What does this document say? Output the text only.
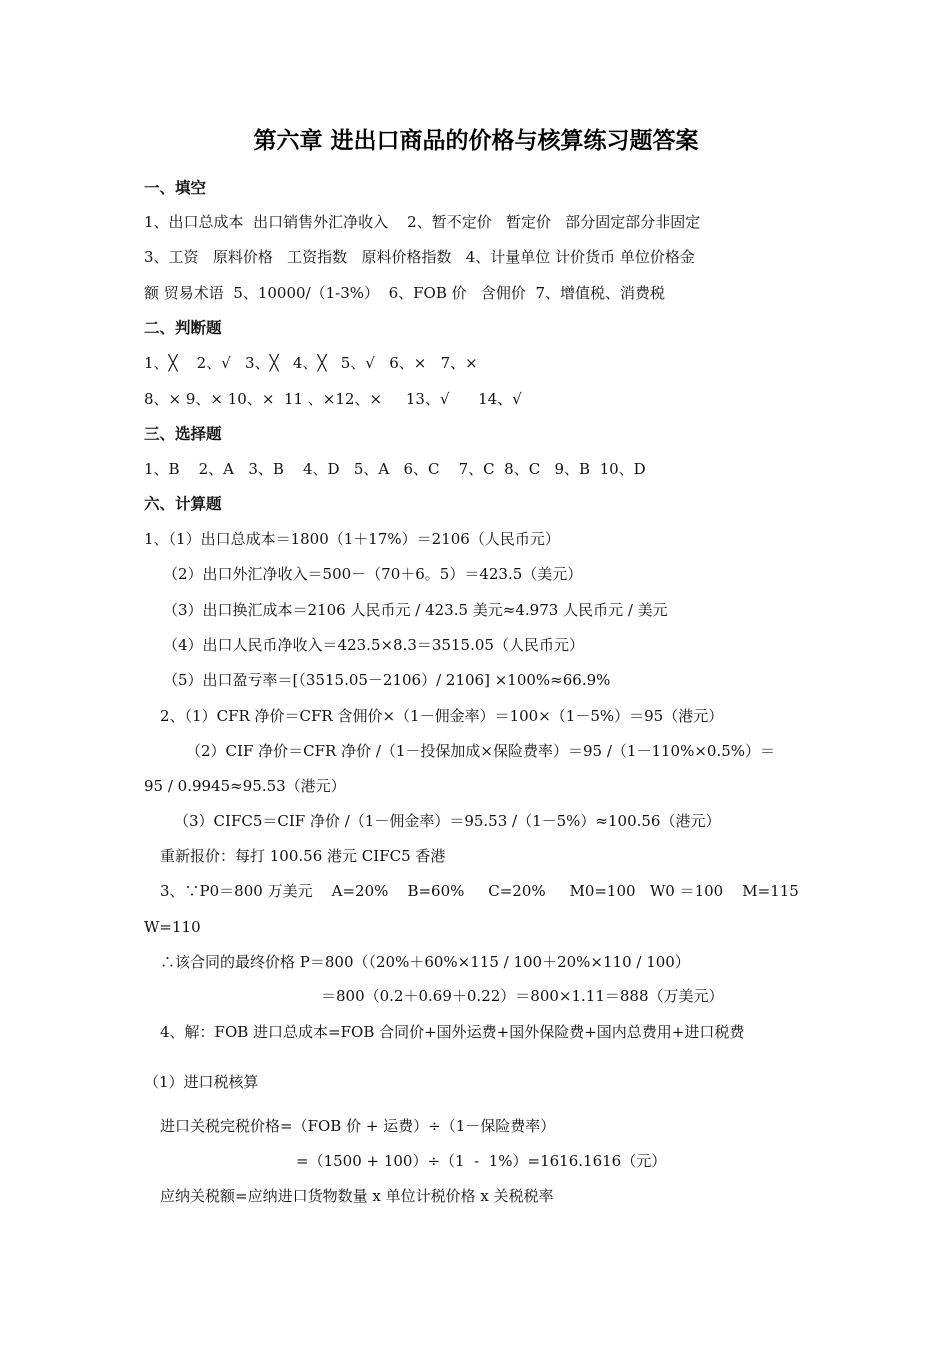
第六章 进出口商品的价格与核算练习题答案
一、填空
1、出口总成本  出口销售外汇净收入    2、暂不定价   暂定价   部分固定部分非固定
3、工资   原料价格   工资指数   原料价格指数   4、计量单位 计价货币 单位价格金
额 贸易术语  5、10000/（1-3%）  6、FOB 价   含佣价  7、增值税、消费税
二、判断题
1、╳    2、√   3、╳   4、╳   5、√   6、×   7、×
8、× 9、× 10、×  11 、×12、×     13、√      14、√
三、选择题
1、B    2、A   3、B    4、D   5、A   6、C    7、C  8、C   9、B  10、D
六、计算题
1、（1）出口总成本＝1800（1＋17%）＝2106（人民币元）
（2）出口外汇净收入＝500－（70＋6。5）＝423.5（美元）
（3）出口换汇成本＝2106 人民币元 / 423.5 美元≈4.973 人民币元 / 美元
（4）出口人民币净收入＝423.5×8.3＝3515.05（人民币元）
（5）出口盈亏率＝[（3515.05－2106）/ 2106] ×100%≈66.9%
2、（1）CFR 净价＝CFR 含佣价×（1－佣金率）＝100×（1－5%）＝95（港元）
（2）CIF 净价＝CFR 净价 /（1－投保加成×保险费率）＝95 /（1－110%×0.5%）＝
95 / 0.9945≈95.53（港元）
（3）CIFC5＝CIF 净价 /（1－佣金率）＝95.53 /（1－5%）≈100.56（港元）
重新报价：每打 100.56 港元 CIFC5 香港
3、∵P0＝800 万美元    A=20%    B=60%     C=20%     M0=100   W0 ＝100    M=115
W=110
∴该合同的最终价格 P＝800（（20%＋60%×115 / 100＋20%×110 / 100）
＝800（0.2＋0.69＋0.22）＝800×1.11＝888（万美元）
4、解：FOB 进口总成本=FOB 合同价+国外运费+国外保险费+国内总费用+进口税费
（1）进口税核算
进口关税完税价格=（FOB 价 + 运费）÷（1－保险费率）
=（1500 + 100）÷（1  -  1%）=1616.1616（元）
应纳关税额=应纳进口货物数量 x 单位计税价格 x 关税税率
